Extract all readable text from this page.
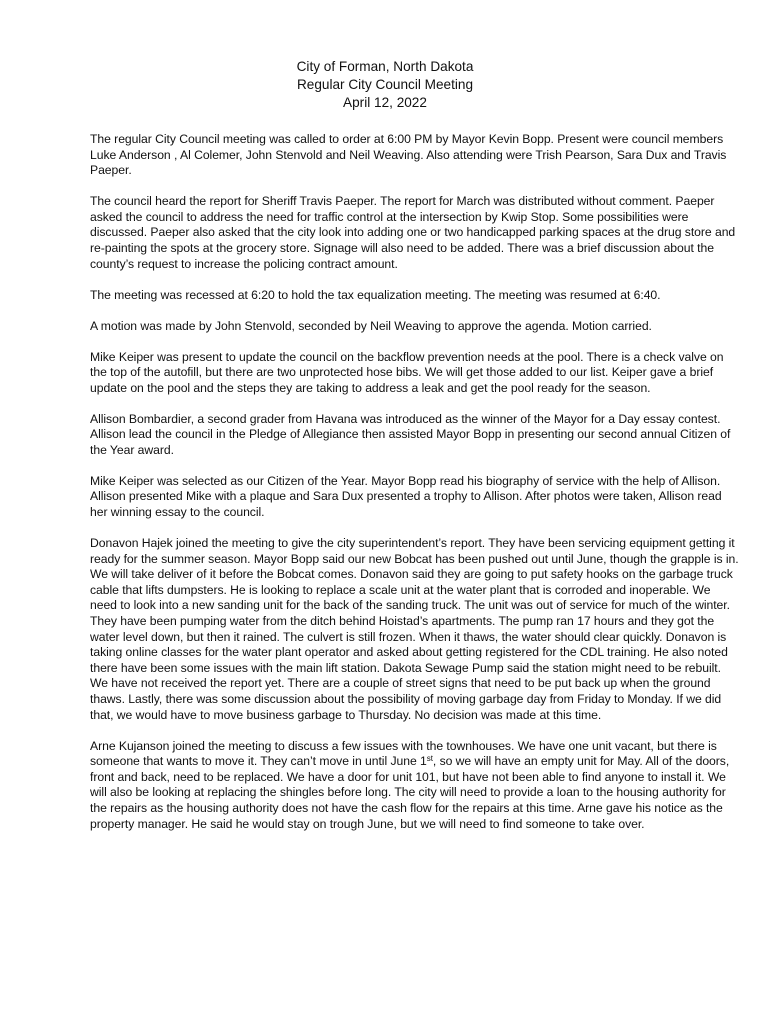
City of Forman, North Dakota
Regular City Council Meeting
April 12, 2022

The regular City Council meeting was called to order at 6:00 PM by Mayor Kevin Bopp. Present were council members Luke Anderson , Al Colemer, John Stenvold and Neil Weaving. Also attending were Trish Pearson, Sara Dux and Travis Paeper.

The council heard the report for Sheriff Travis Paeper. The report for March was distributed without comment. Paeper asked the council to address the need for traffic control at the intersection by Kwip Stop. Some possibilities were discussed. Paeper also asked that the city look into adding one or two handicapped parking spaces at the drug store and re-painting the spots at the grocery store. Signage will also need to be added. There was a brief discussion about the county’s request to increase the policing contract amount.

The meeting was recessed at 6:20 to hold the tax equalization meeting. The meeting was resumed at 6:40.

A motion was made by John Stenvold, seconded by Neil Weaving to approve the agenda. Motion carried.

Mike Keiper was present to update the council on the backflow prevention needs at the pool. There is a check valve on the top of the autofill, but there are two unprotected hose bibs. We will get those added to our list. Keiper gave a brief update on the pool and the steps they are taking to address a leak and get the pool ready for the season.

Allison Bombardier, a second grader from Havana was introduced as the winner of the Mayor for a Day essay contest. Allison lead the council in the Pledge of Allegiance then assisted Mayor Bopp in presenting our second annual Citizen of the Year award.

Mike Keiper was selected as our Citizen of the Year. Mayor Bopp read his biography of service with the help of Allison. Allison presented Mike with a plaque and Sara Dux presented a trophy to Allison. After photos were taken, Allison read her winning essay to the council.

Donavon Hajek joined the meeting to give the city superintendent’s report. They have been servicing equipment getting it ready for the summer season. Mayor Bopp said our new Bobcat has been pushed out until June, though the grapple is in. We will take deliver of it before the Bobcat comes. Donavon said they are going to put safety hooks on the garbage truck cable that lifts dumpsters. He is looking to replace a scale unit at the water plant that is corroded and inoperable. We need to look into a new sanding unit for the back of the sanding truck. The unit was out of service for much of the winter. They have been pumping water from the ditch behind Hoistad’s apartments. The pump ran 17 hours and they got the water level down, but then it rained. The culvert is still frozen. When it thaws, the water should clear quickly. Donavon is taking online classes for the water plant operator and asked about getting registered for the CDL training. He also noted there have been some issues with the main lift station. Dakota Sewage Pump said the station might need to be rebuilt. We have not received the report yet. There are a couple of street signs that need to be put back up when the ground thaws. Lastly, there was some discussion about the possibility of moving garbage day from Friday to Monday. If we did that, we would have to move business garbage to Thursday. No decision was made at this time.

Arne Kujanson joined the meeting to discuss a few issues with the townhouses. We have one unit vacant, but there is someone that wants to move it. They can’t move in until June 1st, so we will have an empty unit for May. All of the doors, front and back, need to be replaced. We have a door for unit 101, but have not been able to find anyone to install it. We will also be looking at replacing the shingles before long. The city will need to provide a loan to the housing authority for the repairs as the housing authority does not have the cash flow for the repairs at this time. Arne gave his notice as the property manager. He said he would stay on trough June, but we will need to find someone to take over.
